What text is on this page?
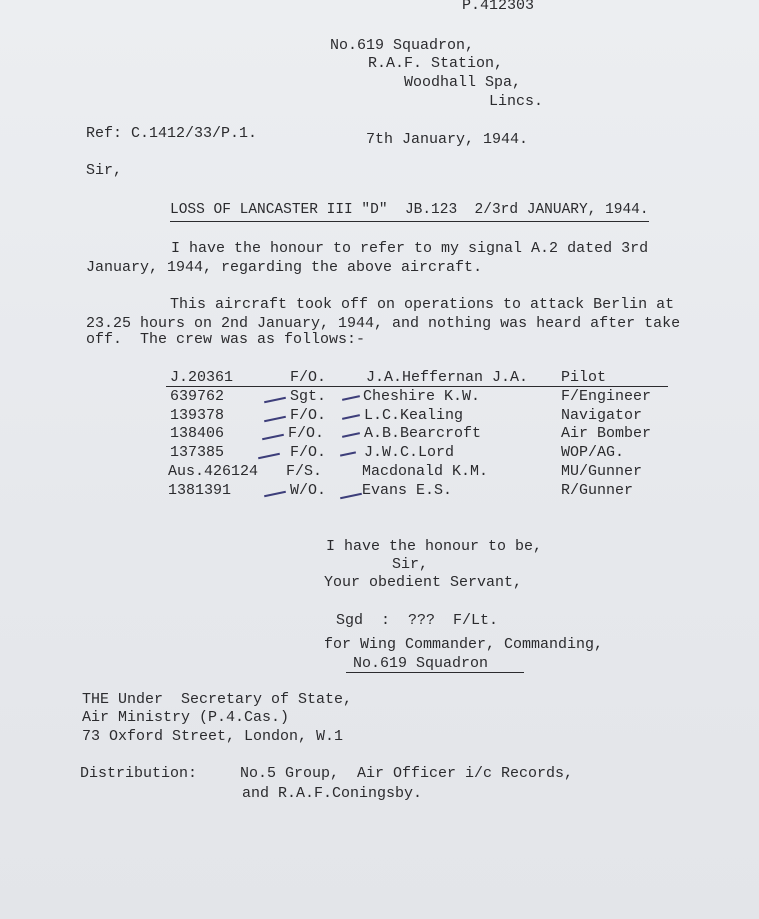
P.412303
No.619 Squadron,
R.A.F. Station,
Woodhall Spa,
Lincs.
Ref: C.1412/33/P.1.	7th January, 1944.
Sir,
LOSS OF LANCASTER III "D"  JB.123  2/3rd JANUARY, 1944.
I have the honour to refer to my signal A.2 dated 3rd
January, 1944, regarding the above aircraft.
This aircraft took off on operations to attack Berlin at
23.25 hours on 2nd January, 1944, and nothing was heard after take
off.  The crew was as follows:-
J.20361	F/O.	J.A.Heffernan J.A. Pilot
639762	Sgt. Cheshire K.W.	F/Engineer
139378	F/O.	L.C.Kealing	Navigator
138406	F/O.	A.B.Bearcroft	Air Bomber
137385	F/O.	J.W.C.Lord	WOP/AG.
Aus.426124 F/S.	Macdonald K.M.	MU/Gunner
1381391	W/O. Evans E.S.	R/Gunner
I have the honour to be,
Sir,
Your obedient Servant,
Sgd  :  ???  F/Lt.
for Wing Commander, Commanding,
No.619 Squadron
THE Under  Secretary of State,
Air Ministry (P.4.Cas.)
73 Oxford Street, London, W.1
Distribution:	No.5 Group,  Air Officer i/c Records,
and R.A.F.Coningsby.
